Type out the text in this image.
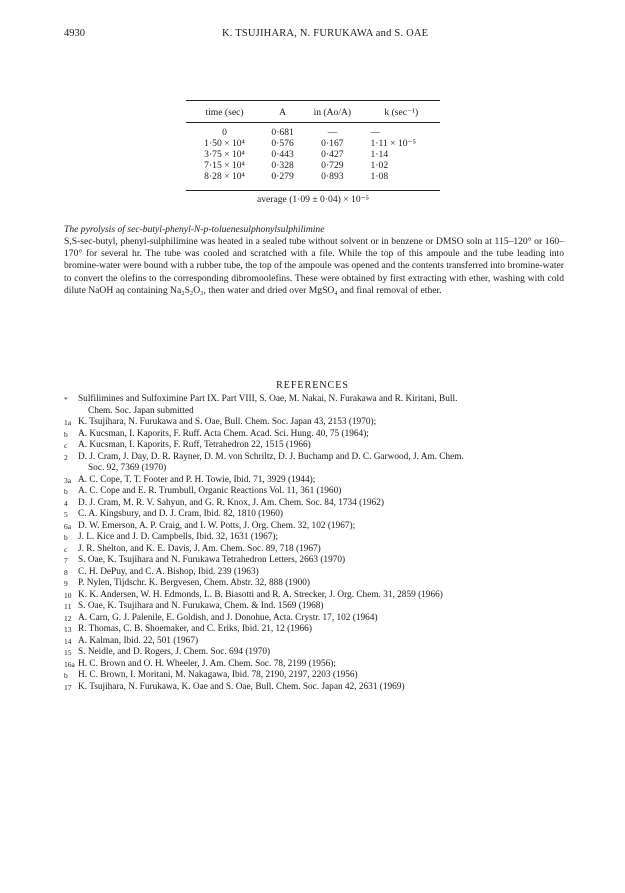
4930	K. TSUJIHARA, N. FURUKAWA and S. OAE
time (sec)	A	in (Ao/A)	k (sec⁻¹)

0	0·681	—	—
1·50 × 10⁴	0·576	0·167	1·11 × 10⁻⁵
3·75 × 10⁴	0·443	0·427	1·14
7·15 × 10⁴	0·328	0·729	1·02
8·28 × 10⁴	0·279	0·893	1·08
average (1·09 ± 0·04) × 10⁻⁵
The pyrolysis of sec-butyl-phenyl-N-p-toluenesulphonylsulphilimine
S,S-sec-butyl, phenyl-sulphilimine was heated in a sealed tube without solvent or in benzene or DMSO soln at 115–120° or 160–170° for several hr. The tube was cooled and scratched with a file. While the top of this ampoule and the tube leading into bromine-water were bound with a rubber tube, the top of the ampoule was opened and the contents transferred into bromine-water to convert the olefins to the corresponding dibromoolefins. These were obtained by first extracting with ether, washing with cold dilute NaOH aq containing Na₂S₂O₃, then water and dried over MgSO₄ and final removal of ether.
REFERENCES
* Sulfilimines and Sulfoximine Part IX. Part VIII, S. Oae, M. Nakai, N. Furakawa and R. Kiritani, Bull.
Chem. Soc. Japan submitted
1a K. Tsujihara, N. Furukawa and S. Oae, Bull. Chem. Soc. Japan 43, 2153 (1970);
b A. Kucsman, I. Kaporits, F. Ruff. Acta Chem. Acad. Sci. Hung. 40, 75 (1964);
c A. Kucsman, I. Kaporits, F. Ruff, Tetrahedron 22, 1515 (1966)
2 D. J. Cram, J. Day, D. R. Rayner, D. M. von Schriltz, D. J. Buchamp and D. C. Garwood, J. Am. Chem.
Soc. 92, 7369 (1970)
3a A. C. Cope, T. T. Footer and P. H. Towie, Ibid. 71, 3929 (1944);
b A. C. Cope and E. R. Trumbull, Organic Reactions Vol. 11, 361 (1960)
4 D. J. Cram, M. R. V. Sahyun, and G. R. Knox, J. Am. Chem. Soc. 84, 1734 (1962)
5 C. A. Kingsbury, and D. J. Cram, Ibid. 82, 1810 (1960)
6a D. W. Emerson, A. P. Craig, and I. W. Potts, J. Org. Chem. 32, 102 (1967);
b J. L. Kice and J. D. Campbells, Ibid. 32, 1631 (1967);
c J. R. Shelton, and K. E. Davis, J. Am. Chem. Soc. 89, 718 (1967)
7 S. Oae, K. Tsujihara and N. Furukawa Tetrahedron Letters, 2663 (1970)
8 C. H. DePuy, and C. A. Bishop, Ibid. 239 (1963)
9 P. Nylen, Tijdschr. K. Bergvesen, Chem. Abstr. 32, 888 (1900)
10 K. K. Andersen, W. H. Edmonds, L. B. Biasotti and R. A. Strecker, J. Org. Chem. 31, 2859 (1966)
11 S. Oae, K. Tsujihara and N. Furukawa, Chem. & Ind. 1569 (1968)
12 A. Carn, G. J. Palenile, E. Goldish, and J. Donohue, Acta. Crystr. 17, 102 (1964)
13 R. Thomas, C. B. Shoemaker, and C. Eriks, Ibid. 21, 12 (1966)
14 A. Kalman, Ibid. 22, 501 (1967)
15 S. Neidle, and D. Rogers, J. Chem. Soc. 694 (1970)
16a H. C. Brown and O. H. Wheeler, J. Am. Chem. Soc. 78, 2199 (1956);
b H. C. Brown, I. Moritani, M. Nakagawa, Ibid. 78, 2190, 2197, 2203 (1956)
17 K. Tsujihara, N. Furukawa, K. Oae and S. Oae, Bull. Chem. Soc. Japan 42, 2631 (1969)
